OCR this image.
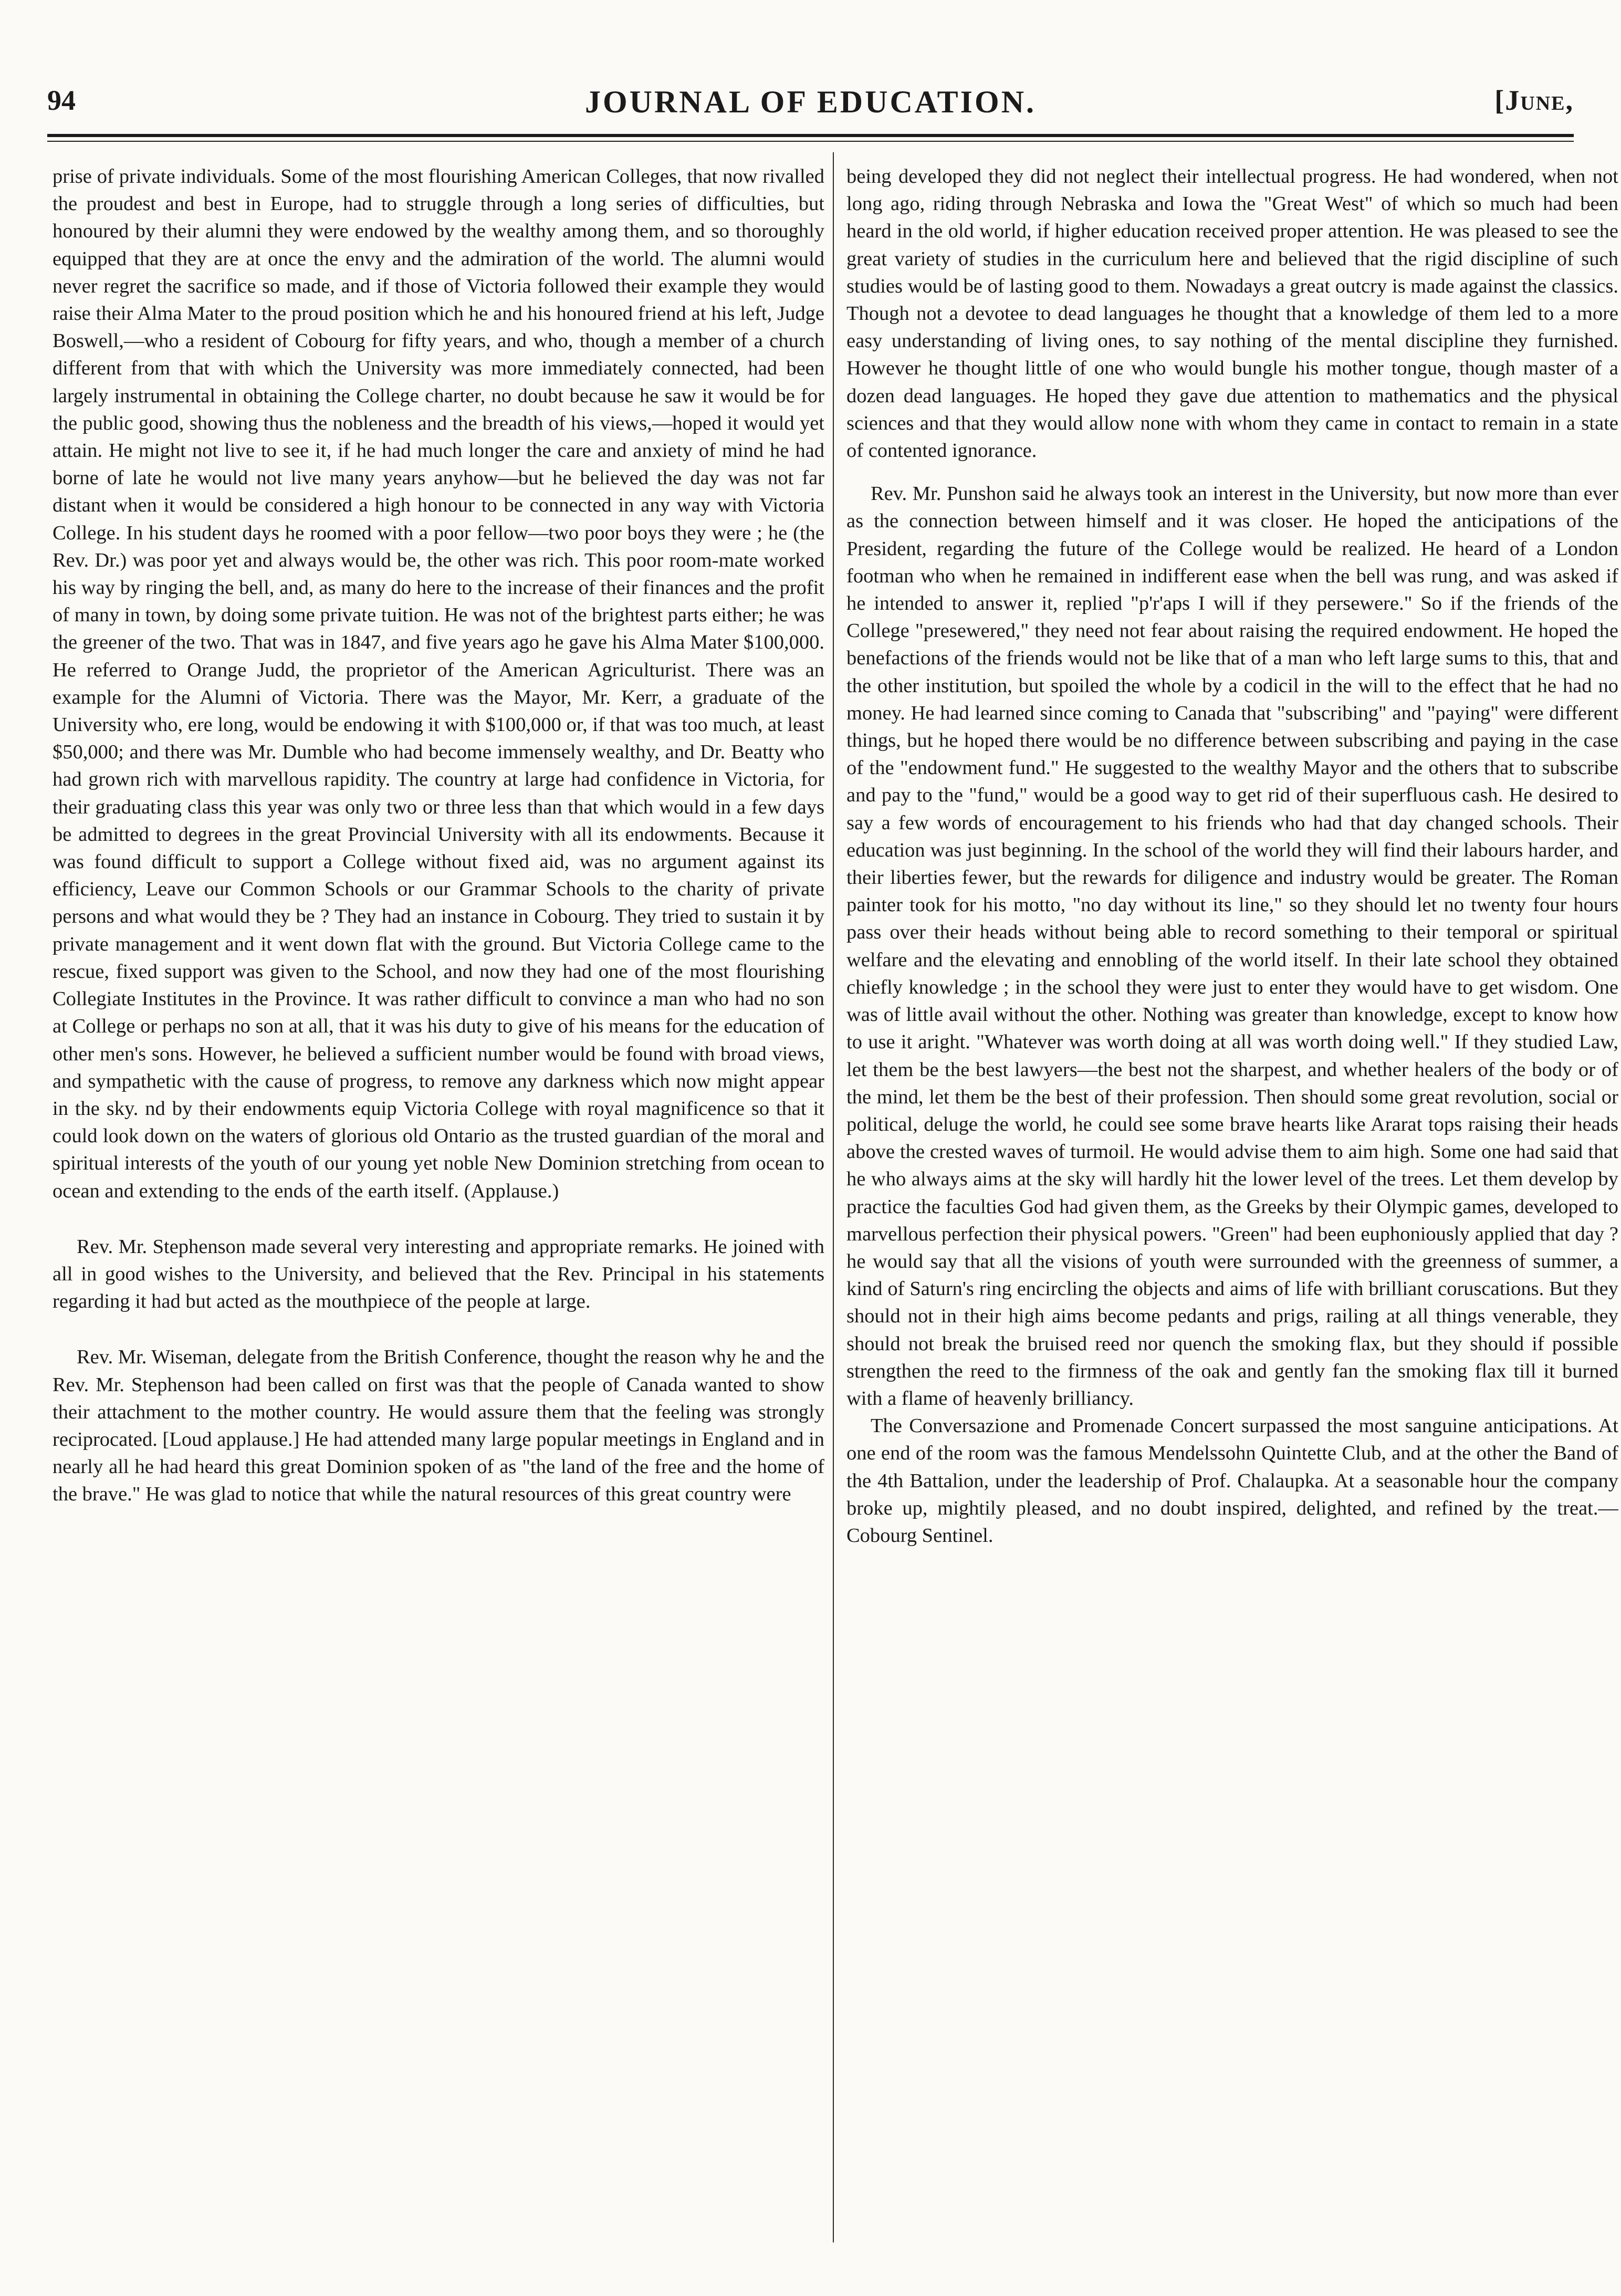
94	JOURNAL OF EDUCATION.	[June,

prise of private individuals. Some of the most flourishing American Colleges, that now rivalled the proudest and best in Europe, had to struggle through a long series of difficulties, but honoured by their alumni they were endowed by the wealthy among them, and so thoroughly equipped that they are at once the envy and the admiration of the world. The alumni would never regret the sacrifice so made, and if those of Victoria followed their example they would raise their Alma Mater to the proud position which he and his honoured friend at his left, Judge Boswell,—who a resident of Cobourg for fifty years, and who, though a member of a church different from that with which the University was more immediately connected, had been largely instrumental in obtaining the College charter, no doubt because he saw it would be for the public good, showing thus the nobleness and the breadth of his views,—hoped it would yet attain. He might not live to see it, if he had much longer the care and anxiety of mind he had borne of late he would not live many years anyhow—but he believed the day was not far distant when it would be considered a high honour to be connected in any way with Victoria College. In his student days he roomed with a poor fellow—two poor boys they were ; he (the Rev. Dr.) was poor yet and always would be, the other was rich. This poor room-mate worked his way by ringing the bell, and, as many do here to the increase of their finances and the profit of many in town, by doing some private tuition. He was not of the brightest parts either; he was the greener of the two. That was in 1847, and five years ago he gave his Alma Mater $100,000. He referred to Orange Judd, the proprietor of the American Agriculturist. There was an example for the Alumni of Victoria. There was the Mayor, Mr. Kerr, a graduate of the University who, ere long, would be endowing it with $100,000 or, if that was too much, at least $50,000; and there was Mr. Dumble who had become immensely wealthy, and Dr. Beatty who had grown rich with marvellous rapidity. The country at large had confidence in Victoria, for their graduating class this year was only two or three less than that which would in a few days be admitted to degrees in the great Provincial University with all its endowments. Because it was found difficult to support a College without fixed aid, was no argument against its efficiency, Leave our Common Schools or our Grammar Schools to the charity of private persons and what would they be ? They had an instance in Cobourg. They tried to sustain it by private management and it went down flat with the ground. But Victoria College came to the rescue, fixed support was given to the School, and now they had one of the most flourishing Collegiate Institutes in the Province. It was rather difficult to convince a man who had no son at College or perhaps no son at all, that it was his duty to give of his means for the education of other men's sons. However, he believed a sufficient number would be found with broad views, and sympathetic with the cause of progress, to remove any darkness which now might appear in the sky. nd by their endowments equip Victoria College with royal magnificence so that it could look down on the waters of glorious old Ontario as the trusted guardian of the moral and spiritual interests of the youth of our young yet noble New Dominion stretching from ocean to ocean and extending to the ends of the earth itself. (Applause.)

Rev. Mr. Stephenson made several very interesting and appropriate remarks. He joined with all in good wishes to the University, and believed that the Rev. Principal in his statements regarding it had but acted as the mouthpiece of the people at large.

Rev. Mr. Wiseman, delegate from the British Conference, thought the reason why he and the Rev. Mr. Stephenson had been called on first was that the people of Canada wanted to show their attachment to the mother country. He would assure them that the feeling was strongly reciprocated. [Loud applause.] He had attended many large popular meetings in England and in nearly all he had heard this great Dominion spoken of as "the land of the free and the home of the brave." He was glad to notice that while the natural resources of this great country were

being developed they did not neglect their intellectual progress. He had wondered, when not long ago, riding through Nebraska and Iowa the "Great West" of which so much had been heard in the old world, if higher education received proper attention. He was pleased to see the great variety of studies in the curriculum here and believed that the rigid discipline of such studies would be of lasting good to them. Nowadays a great outcry is made against the classics. Though not a devotee to dead languages he thought that a knowledge of them led to a more easy understanding of living ones, to say nothing of the mental discipline they furnished. However he thought little of one who would bungle his mother tongue, though master of a dozen dead languages. He hoped they gave due attention to mathematics and the physical sciences and that they would allow none with whom they came in contact to remain in a state of contented ignorance.

Rev. Mr. Punshon said he always took an interest in the University, but now more than ever as the connection between himself and it was closer. He hoped the anticipations of the President, regarding the future of the College would be realized. He heard of a London footman who when he remained in indifferent ease when the bell was rung, and was asked if he intended to answer it, replied "p'r'aps I will if they persewere." So if the friends of the College "presewered," they need not fear about raising the required endowment. He hoped the benefactions of the friends would not be like that of a man who left large sums to this, that and the other institution, but spoiled the whole by a codicil in the will to the effect that he had no money. He had learned since coming to Canada that "subscribing" and "paying" were different things, but he hoped there would be no difference between subscribing and paying in the case of the "endowment fund." He suggested to the wealthy Mayor and the others that to subscribe and pay to the "fund," would be a good way to get rid of their superfluous cash. He desired to say a few words of encouragement to his friends who had that day changed schools. Their education was just beginning. In the school of the world they will find their labours harder, and their liberties fewer, but the rewards for diligence and industry would be greater. The Roman painter took for his motto, "no day without its line," so they should let no twenty four hours pass over their heads without being able to record something to their temporal or spiritual welfare and the elevating and ennobling of the world itself. In their late school they obtained chiefly knowledge ; in the school they were just to enter they would have to get wisdom. One was of little avail without the other. Nothing was greater than knowledge, except to know how to use it aright. "Whatever was worth doing at all was worth doing well." If they studied Law, let them be the best lawyers—the best not the sharpest, and whether healers of the body or of the mind, let them be the best of their profession. Then should some great revolution, social or political, deluge the world, he could see some brave hearts like Ararat tops raising their heads above the crested waves of turmoil. He would advise them to aim high. Some one had said that he who always aims at the sky will hardly hit the lower level of the trees. Let them develop by practice the faculties God had given them, as the Greeks by their Olympic games, developed to marvellous perfection their physical powers. "Green" had been euphoniously applied that day ? he would say that all the visions of youth were surrounded with the greenness of summer, a kind of Saturn's ring encircling the objects and aims of life with brilliant coruscations. But they should not in their high aims become pedants and prigs, railing at all things venerable, they should not break the bruised reed nor quench the smoking flax, but they should if possible strengthen the reed to the firmness of the oak and gently fan the smoking flax till it burned with a flame of heavenly brilliancy.

The Conversazione and Promenade Concert surpassed the most sanguine anticipations. At one end of the room was the famous Mendelssohn Quintette Club, and at the other the Band of the 4th Battalion, under the leadership of Prof. Chalaupka. At a seasonable hour the company broke up, mightily pleased, and no doubt inspired, delighted, and refined by the treat.—Cobourg Sentinel.
